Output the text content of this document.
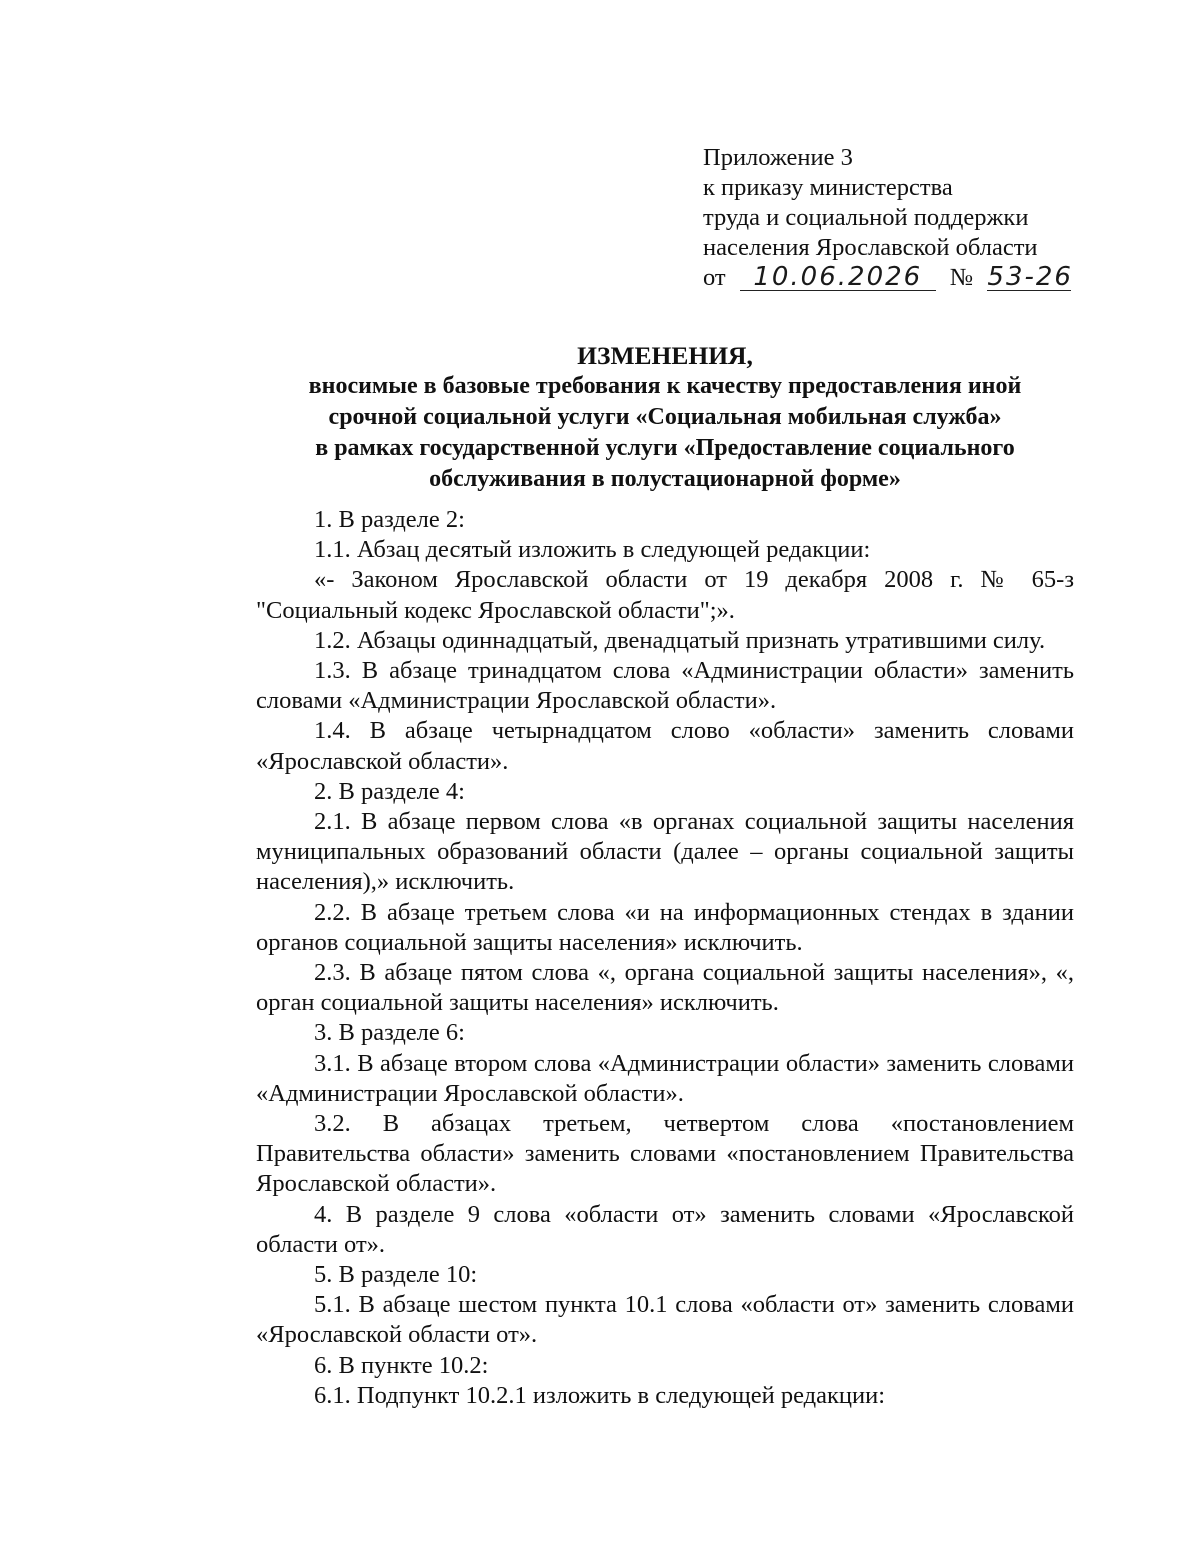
Приложение 3
к приказу министерства
труда и социальной поддержки
населения Ярославской области
от 10.06.2026 № 53-26
ИЗМЕНЕНИЯ,
вносимые в базовые требования к качеству предоставления иной
срочной социальной услуги «Социальная мобильная служба»
в рамках государственной услуги «Предоставление социального
обслуживания в полустационарной форме»

1. В разделе 2:

1.1. Абзац десятый изложить в следующей редакции:

«- Законом Ярославской области от 19 декабря 2008 г. № 65-з "Социальный кодекс Ярославской области";».

1.2. Абзацы одиннадцатый, двенадцатый признать утратившими силу.

1.3. В абзаце тринадцатом слова «Администрации области» заменить словами «Администрации Ярославской области».

1.4. В абзаце четырнадцатом слово «области» заменить словами «Ярославской области».

2. В разделе 4:

2.1. В абзаце первом слова «в органах социальной защиты населения муниципальных образований области (далее – органы социальной защиты населения),» исключить.

2.2. В абзаце третьем слова «и на информационных стендах в здании органов социальной защиты населения» исключить.

2.3. В абзаце пятом слова «, органа социальной защиты населения», «, орган социальной защиты населения» исключить.

3. В разделе 6:

3.1. В абзаце втором слова «Администрации области» заменить словами «Администрации Ярославской области».

3.2. В абзацах третьем, четвертом слова «постановлением Правительства области» заменить словами «постановлением Правительства Ярославской области».

4. В разделе 9 слова «области от» заменить словами «Ярославской области от».

5. В разделе 10:

5.1. В абзаце шестом пункта 10.1 слова «области от» заменить словами «Ярославской области от».

6. В пункте 10.2:

6.1. Подпункт 10.2.1 изложить в следующей редакции:
